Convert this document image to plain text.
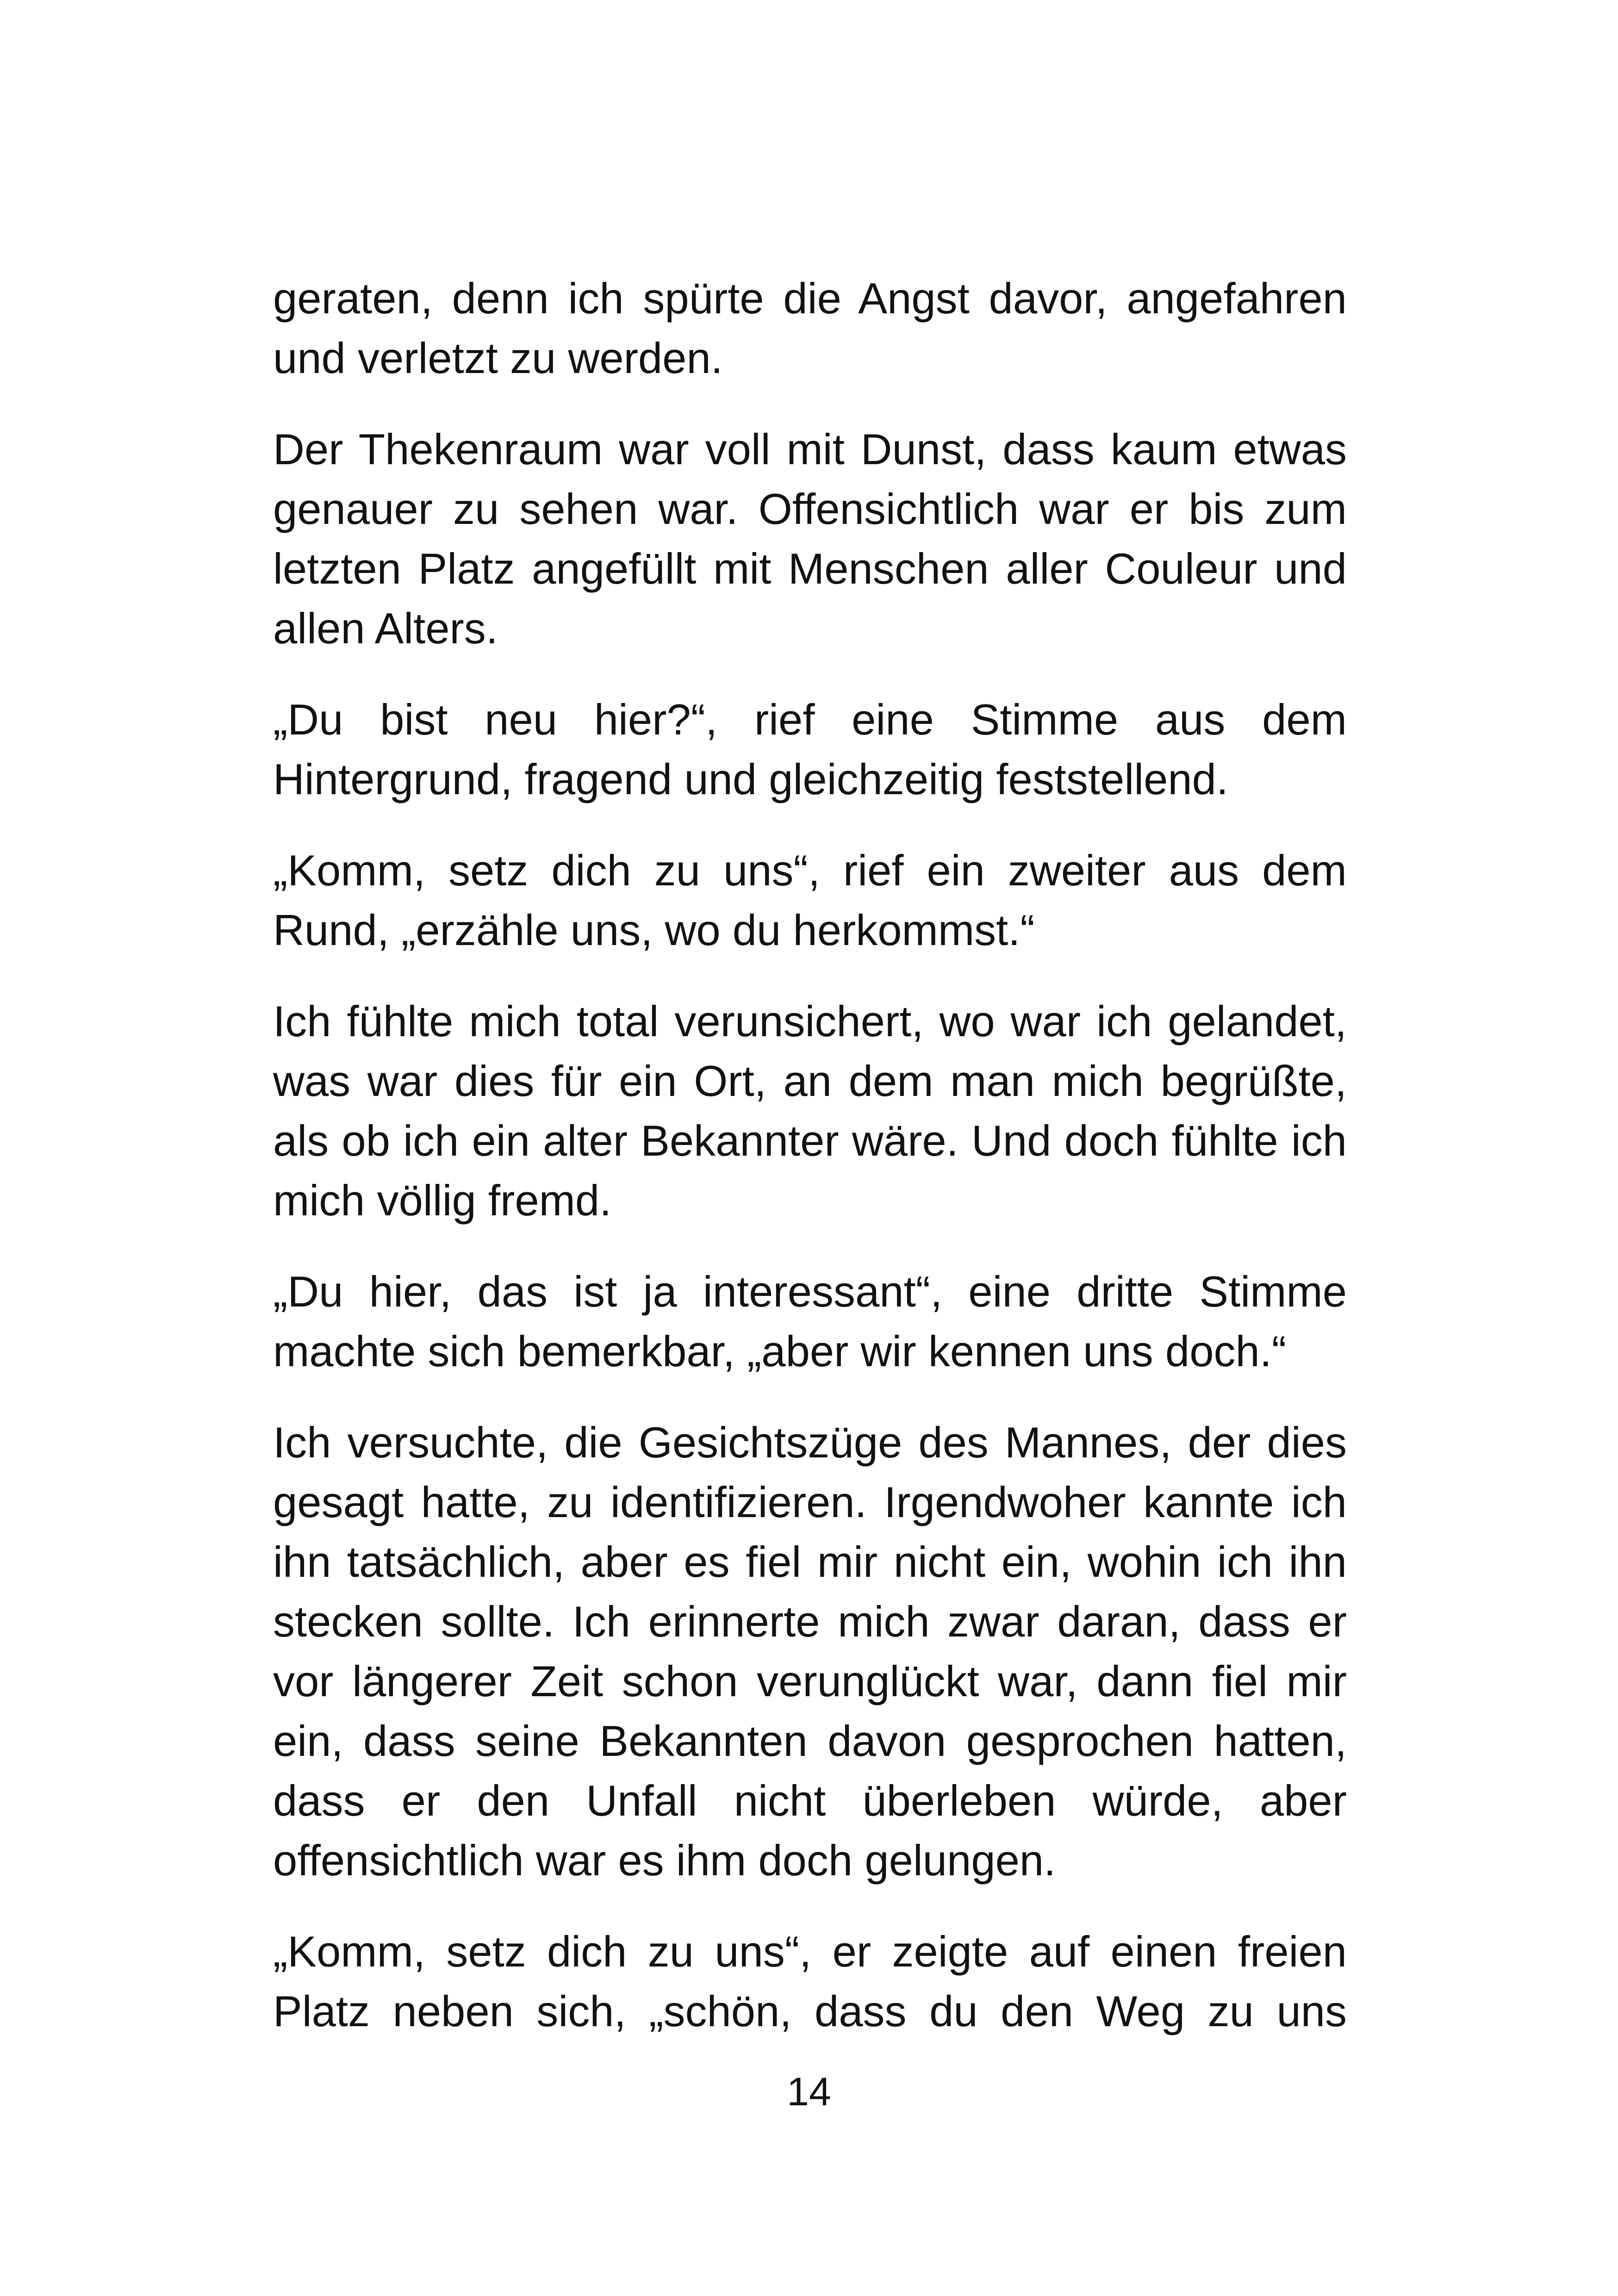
geraten, denn ich spürte die Angst davor, angefahren und verletzt zu werden.

Der Thekenraum war voll mit Dunst, dass kaum etwas genauer zu sehen war. Offensichtlich war er bis zum letzten Platz angefüllt mit Menschen aller Couleur und allen Alters.

„Du bist neu hier?“, rief eine Stimme aus dem Hintergrund, fragend und gleichzeitig feststellend.

„Komm, setz dich zu uns“, rief ein zweiter aus dem Rund, „erzähle uns, wo du herkommst.“

Ich fühlte mich total verunsichert, wo war ich gelandet, was war dies für ein Ort, an dem man mich begrüßte, als ob ich ein alter Bekannter wäre. Und doch fühlte ich mich völlig fremd.

„Du hier, das ist ja interessant“, eine dritte Stimme machte sich bemerkbar, „aber wir kennen uns doch.“

Ich versuchte, die Gesichtszüge des Mannes, der dies gesagt hatte, zu identifizieren. Irgendwoher kannte ich ihn tatsächlich, aber es fiel mir nicht ein, wohin ich ihn stecken sollte. Ich erinnerte mich zwar daran, dass er vor längerer Zeit schon verunglückt war, dann fiel mir ein, dass seine Bekannten davon gesprochen hatten, dass er den Unfall nicht überleben würde, aber offensichtlich war es ihm doch gelungen.

„Komm, setz dich zu uns“, er zeigte auf einen freien Platz neben sich, „schön, dass du den Weg zu uns

14
